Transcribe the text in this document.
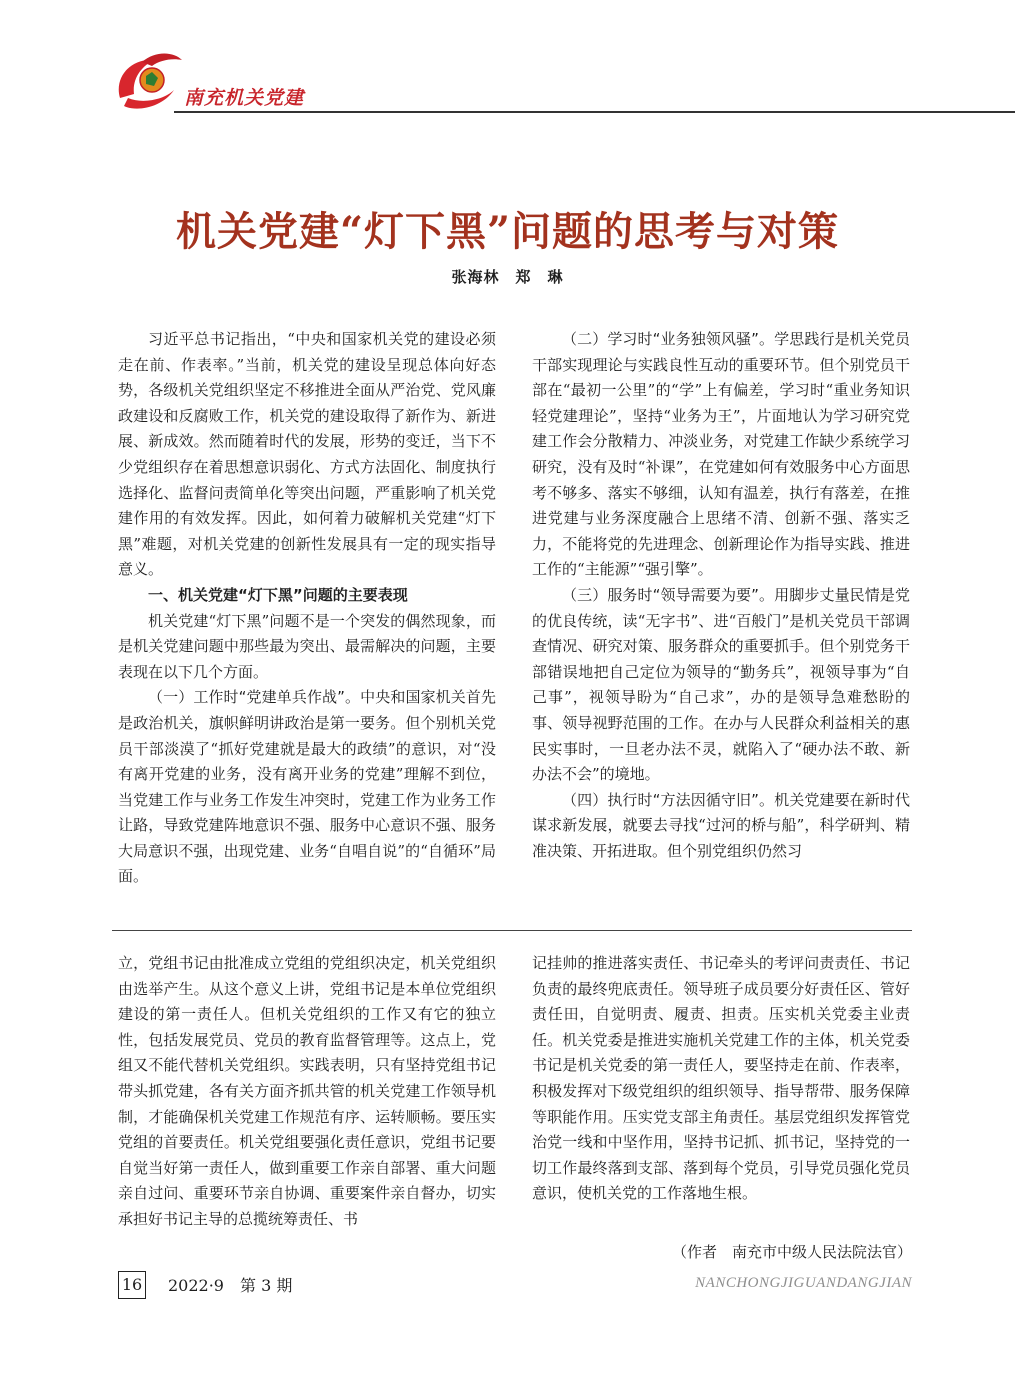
南充机关党建
机关党建“灯下黑”问题的思考与对策
张海林　郑　琳

习近平总书记指出，“中央和国家机关党的建设必须走在前、作表率。”当前，机关党的建设呈现总体向好态势，各级机关党组织坚定不移推进全面从严治党、党风廉政建设和反腐败工作，机关党的建设取得了新作为、新进展、新成效。然而随着时代的发展，形势的变迁，当下不少党组织存在着思想意识弱化、方式方法固化、制度执行选择化、监督问责简单化等突出问题，严重影响了机关党建作用的有效发挥。因此，如何着力破解机关党建“灯下黑”难题，对机关党建的创新性发展具有一定的现实指导意义。

一、机关党建“灯下黑”问题的主要表现

机关党建“灯下黑”问题不是一个突发的偶然现象，而是机关党建问题中那些最为突出、最需解决的问题，主要表现在以下几个方面。

（一）工作时“党建单兵作战”。中央和国家机关首先是政治机关，旗帜鲜明讲政治是第一要务。但个别机关党员干部淡漠了“抓好党建就是最大的政绩”的意识，对“没有离开党建的业务，没有离开业务的党建”理解不到位，当党建工作与业务工作发生冲突时，党建工作为业务工作让路，导致党建阵地意识不强、服务中心意识不强、服务大局意识不强，出现党建、业务“自唱自说”的“自循环”局面。

（二）学习时“业务独领风骚”。学思践行是机关党员干部实现理论与实践良性互动的重要环节。但个别党员干部在“最初一公里”的“学”上有偏差，学习时“重业务知识轻党建理论”，坚持“业务为王”，片面地认为学习研究党建工作会分散精力、冲淡业务，对党建工作缺少系统学习研究，没有及时“补课”，在党建如何有效服务中心方面思考不够多、落实不够细，认知有温差，执行有落差，在推进党建与业务深度融合上思绪不清、创新不强、落实乏力，不能将党的先进理念、创新理论作为指导实践、推进工作的“主能源”“强引擎”。

（三）服务时“领导需要为要”。用脚步丈量民情是党的优良传统，读“无字书”、进“百般门”是机关党员干部调查情况、研究对策、服务群众的重要抓手。但个别党务干部错误地把自己定位为领导的“勤务兵”，视领导事为“自己事”，视领导盼为“自己求”，办的是领导急难愁盼的事、领导视野范围的工作。在办与人民群众利益相关的惠民实事时，一旦老办法不灵，就陷入了“硬办法不敢、新办法不会”的境地。

（四）执行时“方法因循守旧”。机关党建要在新时代谋求新发展，就要去寻找“过河的桥与船”，科学研判、精准决策、开拓进取。但个别党组织仍然习

立，党组书记由批准成立党组的党组织决定，机关党组织由选举产生。从这个意义上讲，党组书记是本单位党组织建设的第一责任人。但机关党组织的工作又有它的独立性，包括发展党员、党员的教育监督管理等。这点上，党组又不能代替机关党组织。实践表明，只有坚持党组书记带头抓党建，各有关方面齐抓共管的机关党建工作领导机制，才能确保机关党建工作规范有序、运转顺畅。要压实党组的首要责任。机关党组要强化责任意识，党组书记要自觉当好第一责任人，做到重要工作亲自部署、重大问题亲自过问、重要环节亲自协调、重要案件亲自督办，切实承担好书记主导的总揽统筹责任、书

记挂帅的推进落实责任、书记牵头的考评问责责任、书记负责的最终兜底责任。领导班子成员要分好责任区、管好责任田，自觉明责、履责、担责。压实机关党委主业责任。机关党委是推进实施机关党建工作的主体，机关党委书记是机关党委的第一责任人，要坚持走在前、作表率，积极发挥对下级党组织的组织领导、指导帮带、服务保障等职能作用。压实党支部主角责任。基层党组织发挥管党治党一线和中坚作用，坚持书记抓、抓书记，坚持党的一切工作最终落到支部、落到每个党员，引导党员强化党员意识，使机关党的工作落地生根。

（作者　南充市中级人民法院法官）
16 2022·9　第 3 期	NANCHONGJIGUANDANGJIAN
